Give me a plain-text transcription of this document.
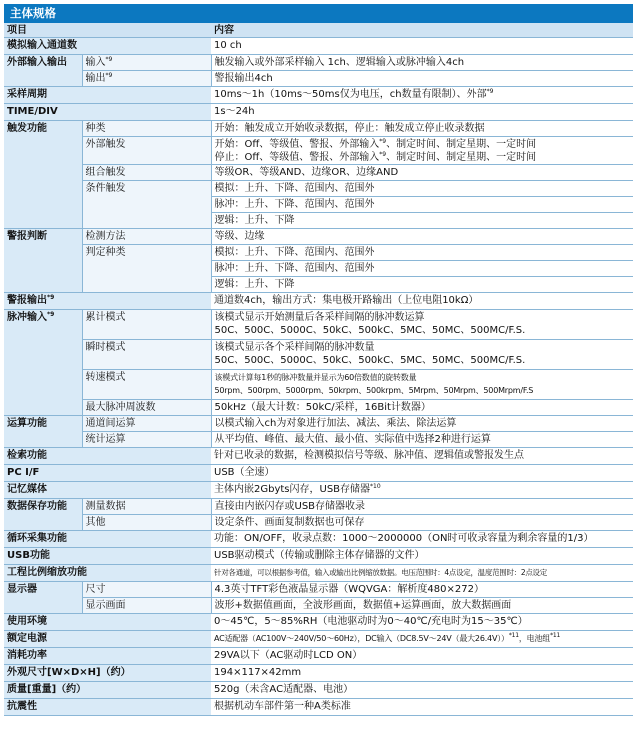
主体规格
项目		内容
模拟输入通道数		10 ch

外部输入输出	输入$^{*9}$	触发输入或外部采样输入 1ch、逻辑输入或脉冲输入4ch

	输出$^{*9}$	警报输出4ch

采样周期		10ms～1h（10ms～50ms仅为电压，ch数量有限制）、外部$^{*9}$

TIME/DIV		1s～24h

触发功能	种类	开始：触发成立开始收录数据，停止：触发成立停止收录数据

	外部触发	开始：Off、等级值、警报、外部输入$^{*9}$、制定时间、制定星期、一定时间
停止：Off、等级值、警报、外部输入$^{*9}$、制定时间、制定星期、一定时间

	组合触发	等级OR、等级AND、边缘OR、边缘AND

	条件触发	模拟：上升、下降、范围内、范围外

		脉冲：上升、下降、范围内、范围外

		逻辑：上升、下降

警报判断	检测方法	等级、边缘

	判定种类	模拟：上升、下降、范围内、范围外

		脉冲：上升、下降、范围内、范围外

		逻辑：上升、下降

警报输出$^{*9}$		通道数4ch，输出方式：集电极开路输出（上位电阻10kΩ）

脉冲输入$^{*9}$	累计模式	该模式显示开始测量后各采样间隔的脉冲数运算
50C、500C、5000C、50kC、500kC、5MC、50MC、500MC/F.S.

	瞬时模式	该模式显示各个采样间隔的脉冲数量
50C、500C、5000C、50kC、500kC、5MC、50MC、500MC/F.S.

	转速模式	该模式计算每1秒的脉冲数量并显示为60倍数值的旋转数量
50rpm、500rpm、5000rpm、50krpm、500krpm、5Mrpm、50Mrpm、500Mrpm/F.S

	最大脉冲周波数	50kHz（最大计数：50kC/采样，16Bit计数器）

运算功能	通道间运算	以模式输入ch为对象进行加法、减法、乘法、除法运算

	统计运算	从平均值、峰值、最大值、最小值、实际值中选择2种进行运算

检索功能		针对已收录的数据，检测模拟信号等级、脉冲值、逻辑值或警报发生点

PC I/F		USB（全速）

记忆媒体		主体内嵌2Gbyts闪存，USB存储器$^{*10}$

数据保存功能	测量数据	直接由内嵌闪存或USB存储器收录

	其他	设定条件、画面复制数据也可保存

循环采集功能		功能：ON/OFF，收录点数：1000～2000000（ON时可收录容量为剩余容量的1/3）

USB功能		USB驱动模式（传输或删除主体存储器的文件）

工程比例缩放功能		针对各通道，可以根据参考值，输入或输出比例缩放数据。电压范围时：4点设定，温度范围时：2点设定

显示器	尺寸	4.3英寸TFT彩色液晶显示器（WQVGA：解析度480×272）

	显示画面	波形+数据值画面，全波形画面，数据值+运算画面，放大数据画面

使用环境		0～45℃，5～85%RH（电池驱动时为0～40℃/充电时为15～35℃）

额定电源		AC适配器（AC100V～240V/50～60Hz），DC输入（DC8.5V～24V（最大26.4V））$^{*11}$，电池组$^{*11}$

消耗功率		29VA以下（AC驱动时LCD ON）

外观尺寸[W×D×H]（约）		194×117×42mm

质量[重量]（约）		520g（未含AC适配器、电池）

抗震性		根据机动车部件第一种A类标准
